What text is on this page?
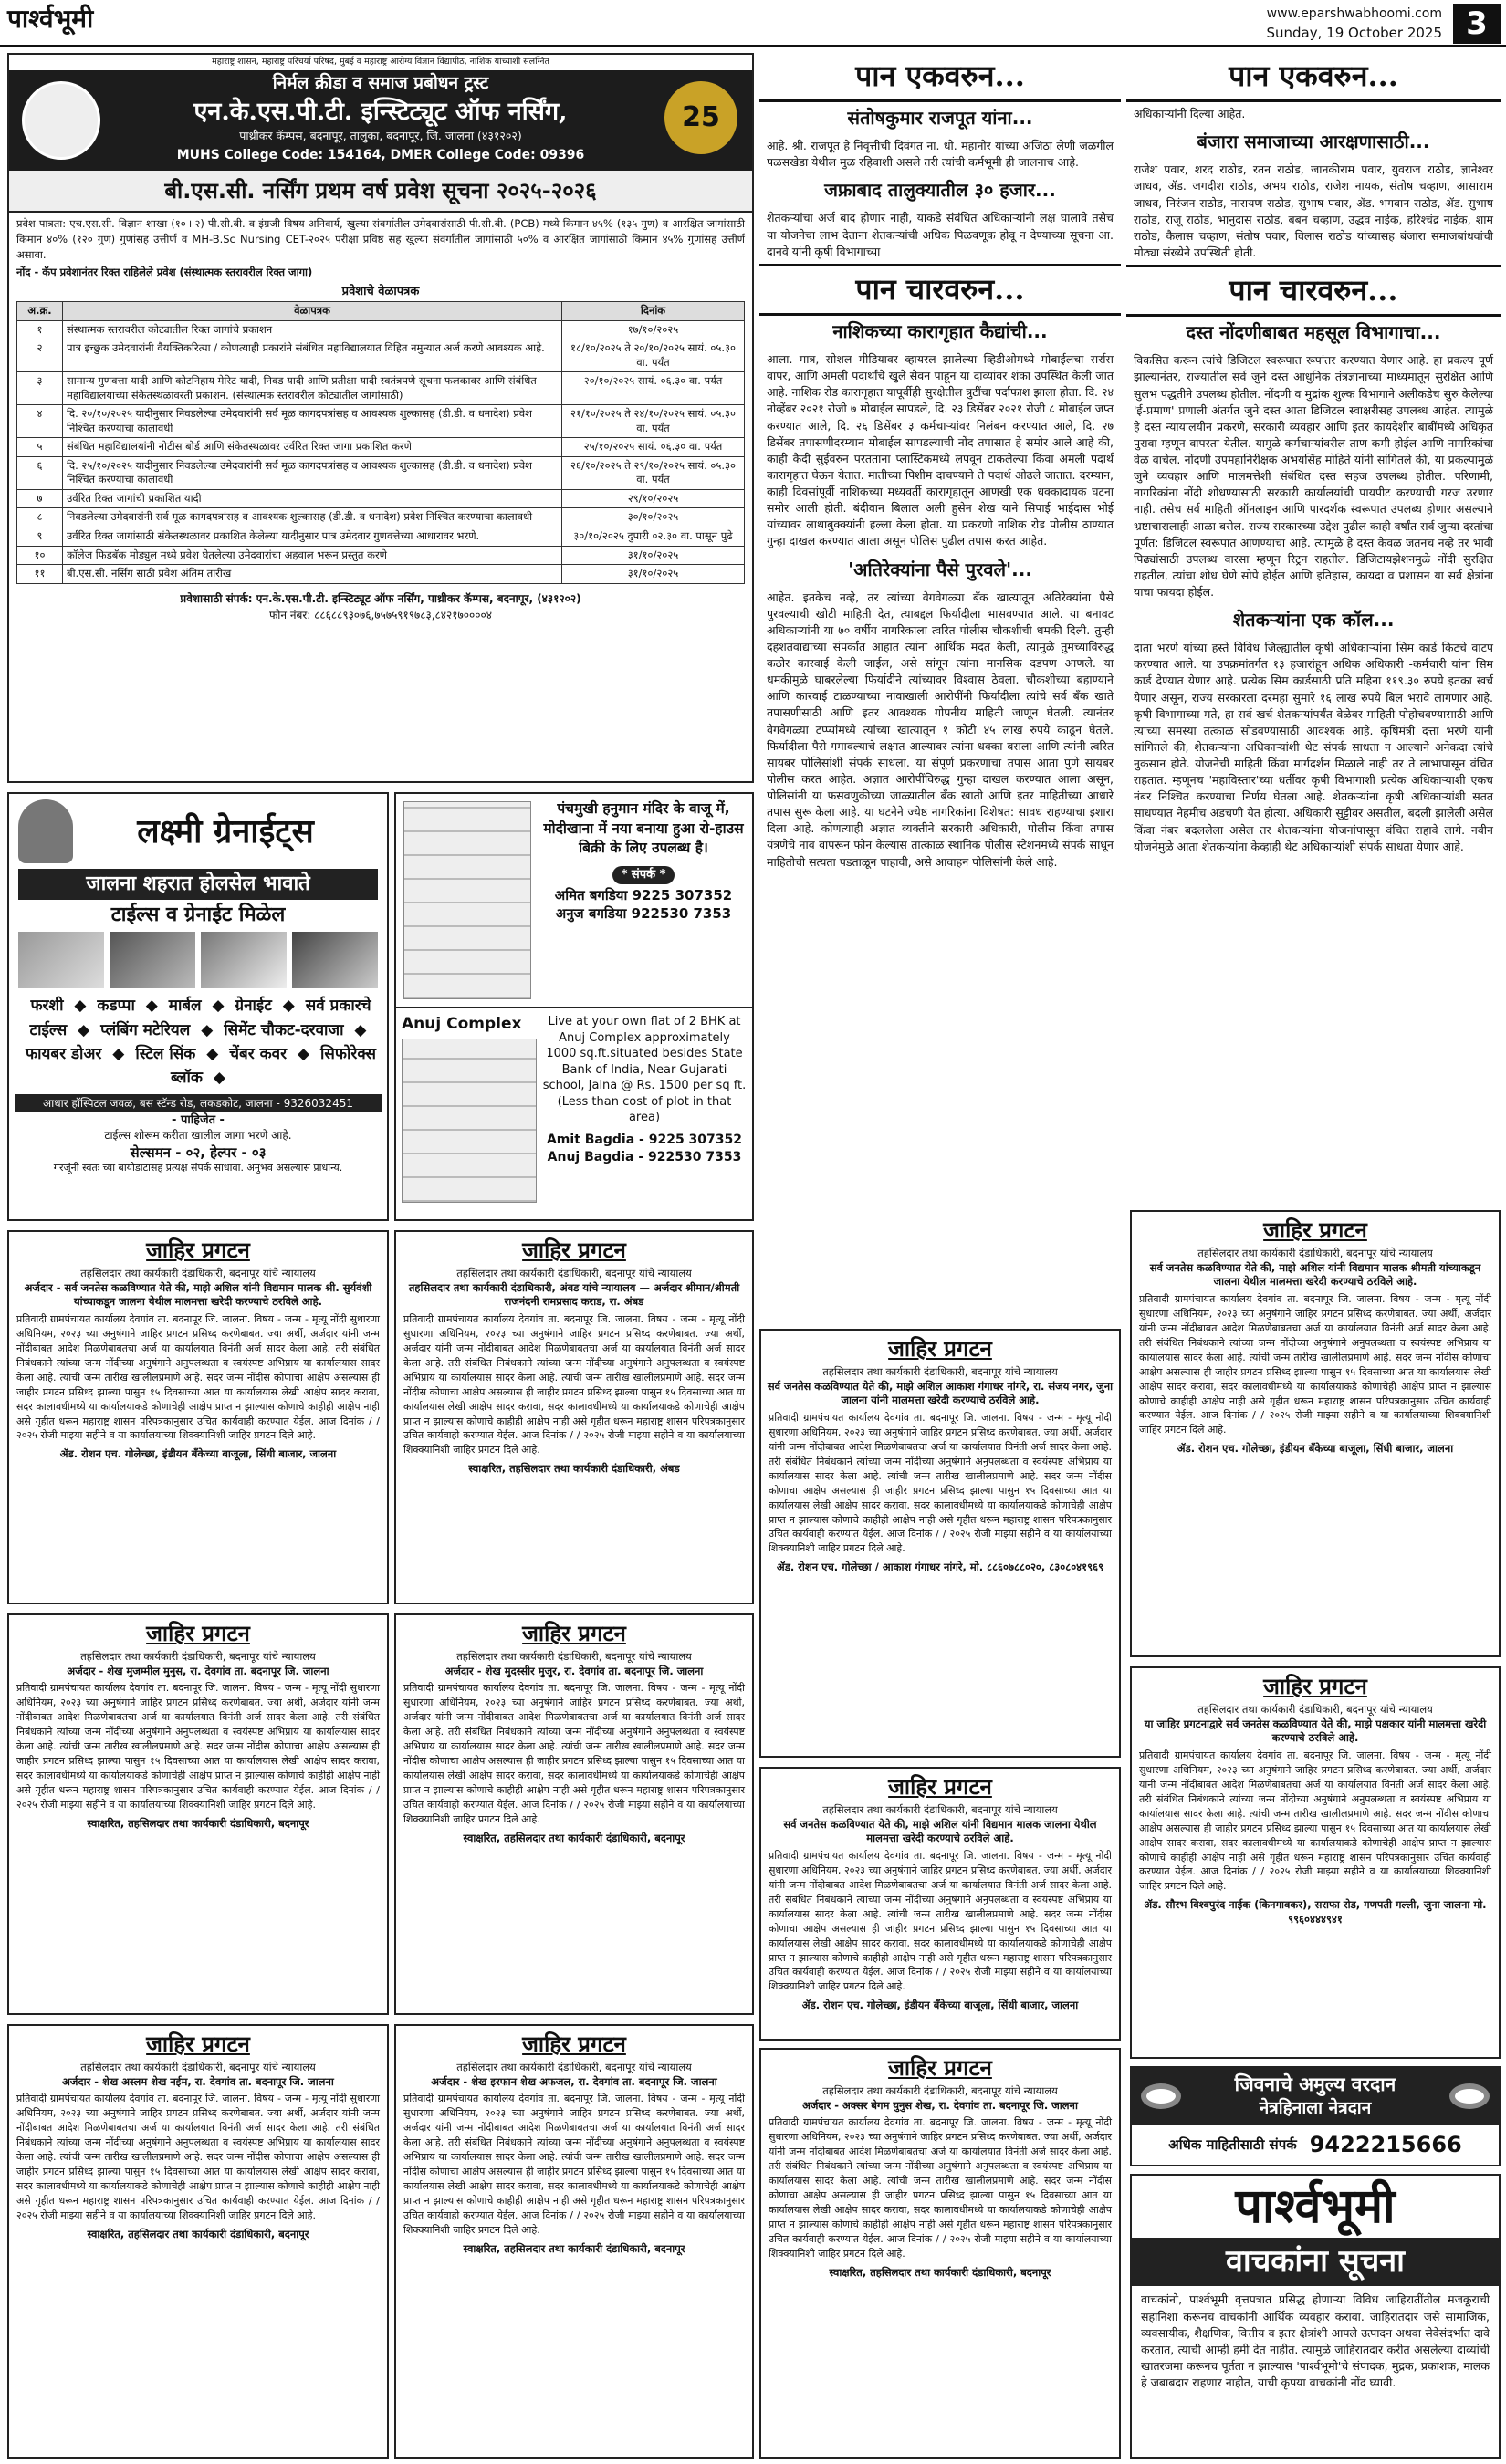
पार्श्वभूमी	www.eparshwabhoomi.com
Sunday, 19 October 2025 3
महाराष्ट्र शासन, महाराष्ट्र परिचर्या परिषद, मुंबई व महाराष्ट्र आरोग्य विज्ञान विद्यापीठ, नाशिक यांच्याशी संलग्नित
25
निर्मल क्रीडा व समाज प्रबोधन ट्रस्ट
एन.के.एस.पी.टी. इन्स्टिट्यूट ऑफ नर्सिंग,
पाथ्रीकर कॅम्पस, बदनापूर, तालुका, बदनापूर, जि. जालना (४३१२०२)
MUHS College Code: 154164, DMER College Code: 09396
बी.एस.सी. नर्सिंग प्रथम वर्ष प्रवेश सूचना २०२५-२०२६
प्रवेश पात्रता: एच.एस.सी. विज्ञान शाखा (१०+२) पी.सी.बी. व इंग्रजी विषय अनिवार्य, खुल्या संवर्गातील उमेदवारांसाठी पी.सी.बी. (PCB) मध्ये किमान ४५% (१३५ गुण) व आरक्षित जागांसाठी किमान ४०% (१२० गुण) गुणांसह उत्तीर्ण व MH-B.Sc Nursing CET-२०२५ परीक्षा प्रविष्ठ सह खुल्या संवर्गातील जागांसाठी ५०% व आरक्षित जागांसाठी किमान ४५% गुणांसह उत्तीर्ण असावा.
नोंद - कॅप प्रवेशानंतर रिक्त राहिलेले प्रवेश (संस्थात्मक स्तरावरील रिक्त जागा)
प्रवेशाचे वेळापत्रक
अ.क्र.	वेळापत्रक	दिनांक
१	संस्थात्मक स्तरावरील कोट्यातील रिक्त जागांचे प्रकाशन	१७/१०/२०२५
२	पात्र इच्छुक उमेदवारांनी वैयक्तिकरित्या / कोणत्याही प्रकारांने संबंधित महाविद्यालयात विहित नमुन्यात अर्ज करणे आवश्यक आहे.	१८/१०/२०२५ ते २०/१०/२०२५ सायं. ०५.३० वा. पर्यंत
३	सामान्य गुणवत्ता यादी आणि कोटनिहाय मेरिट यादी, निवड यादी आणि प्रतीक्षा यादी स्वतंत्रपणे सूचना फलकावर आणि संबंधित महाविद्यालयाच्या संकेतस्थळावरती प्रकाशन. (संस्थात्मक स्तरावरील कोट्यातील जागांसाठी)	२०/१०/२०२५ सायं. ०६.३० वा. पर्यंत
४	दि. २०/१०/२०२५ यादीनुसार निवडलेल्या उमेदवारांनी सर्व मूळ कागदपत्रांसह व आवश्यक शुल्कासह (डी.डी. व धनादेश) प्रवेश निश्चित करण्याचा कालावधी	२१/१०/२०२५ ते २४/१०/२०२५ सायं. ०५.३० वा. पर्यंत
५	संबंधित महाविद्यालयांनी नोटीस बोर्ड आणि संकेतस्थळावर उर्वरित रिक्त जागा प्रकाशित करणे	२५/१०/२०२५ सायं. ०६.३० वा. पर्यंत
६	दि. २५/१०/२०२५ यादीनुसार निवडलेल्या उमेदवारांनी सर्व मूळ कागदपत्रांसह व आवश्यक शुल्कासह (डी.डी. व धनादेश) प्रवेश निश्चित करण्याचा कालावधी	२६/१०/२०२५ ते २९/१०/२०२५ सायं. ०५.३० वा. पर्यंत
७	उर्वरित रिक्त जागांची प्रकाशित यादी	२९/१०/२०२५
८	निवडलेल्या उमेदवारांनी सर्व मूळ कागदपत्रांसह व आवश्यक शुल्कासह (डी.डी. व धनादेश) प्रवेश निश्चित करण्याचा कालावधी	३०/१०/२०२५
९	उर्वरित रिक्त जागांसाठी संकेतस्थळावर प्रकाशित केलेल्या यादीनुसार पात्र उमेदवार गुणवत्तेच्या आधारावर भरणे.	३०/१०/२०२५ दुपारी ०२.३० वा. पासून पुढे
१०	कॉलेज फिडबॅक मोड्युल मध्ये प्रवेश घेतलेल्या उमेदवारांचा अहवाल भरून प्रस्तुत करणे	३१/१०/२०२५
११	बी.एस.सी. नर्सिंग साठी प्रवेश अंतिम तारीख	३१/१०/२०२५
प्रवेशासाठी संपर्क: एन.के.एस.पी.टी. इन्स्टिट्यूट ऑफ नर्सिंग, पाथ्रीकर कॅम्पस, बदनापूर, (४३१२०२)
फोन नंबर: ८८६८८९३०७६,७५७५९१९७८३,८४२१७००००४
लक्ष्मी ग्रेनाईट्स
जालना शहरात होलसेल भावाते
टाईल्स व ग्रेनाईट मिळेल
फरशी ◆ कडप्पा ◆ मार्बल ◆ ग्रेनाईट ◆ सर्व प्रकारचे टाईल्स ◆ प्लंबिंग मटेरियल ◆ सिमेंट चौकट-दरवाजा ◆ फायबर डोअर ◆ स्टिल सिंक ◆ चेंबर कवर ◆ सिफोरेक्स ब्लॉक ◆
आधार हॉस्पिटल जवळ, बस स्टॅन्ड रोड, लकडकोट, जालना - 9326032451
- पाहिजेत -
टाईल्स शोरूम करीता खालील जागा भरणे आहे.
सेल्समन - ०२, हेल्पर - ०३
गरजूंनी स्वतः च्या बायोडाटासह प्रत्यक्ष संपर्क साधावा. अनुभव असल्यास प्राधान्य.
पंचमुखी हनुमान मंदिर के वाजू में, मोदीखाना में नया बनाया हुआ रो-हाउस बिक्री के लिए उपलब्ध है।
* संपर्क *
अमित बगडिया 9225 307352
अनुज बगडिया 922530 7353
Anuj Complex	Live at your own flat of 2 BHK at Anuj Complex approximately 1000 sq.ft.situated besides State Bank of India, Near Gujarati school, Jalna @ Rs. 1500 per sq ft. (Less than cost of plot in that area)
Amit Bagdia - 9225 307352
Anuj Bagdia - 922530 7353
पान एकवरुन...
संतोषकुमार राजपूत यांना...
आहे. श्री. राजपूत हे निवृत्तीची दिवंगत ना. धो. महानोर यांच्या अंजिठा लेणी जळगील पळसखेडा येथील मुळ रहिवाशी असले तरी त्यांची कर्मभूमी ही जालनाच आहे.
जफ्राबाद तालुक्यातील ३० हजार...
शेतकऱ्यांचा अर्ज बाद होणार नाही, याकडे संबंधित अधिकाऱ्यांनी लक्ष घालावे तसेच या योजनेचा लाभ देताना शेतकऱ्यांची अधिक पिळवणूक होवू न देण्याच्या सूचना आ. दानवे यांनी कृषी विभागाच्या
पान चारवरुन...
नाशिकच्या कारागृहात कैद्यांची...
आला. मात्र, सोशल मीडियावर व्हायरल झालेल्या व्हिडीओमध्ये मोबाईलचा सर्रास वापर, आणि अमली पदार्थांचे खुले सेवन पाहून या दाव्यांवर शंका उपस्थित केली जात आहे. नाशिक रोड कारागृहात यापूर्वीही सुरक्षेतील त्रुटींचा पर्दाफाश झाला होता. दि. २४ नोव्हेंबर २०२१ रोजी ७ मोबाईल सापडले, दि. २३ डिसेंबर २०२१ रोजी ८ मोबाईल जप्त करण्यात आले, दि. २६ डिसेंबर ३ कर्मचाऱ्यांवर निलंबन करण्यात आले, दि. २७ डिसेंबर तपासणीदरम्यान मोबाईल सापडल्याची नोंद तपासात हे समोर आले आहे की, काही कैदी सुईंवरुन परतताना प्लास्टिकमध्ये लपवून टाकलेल्या किंवा अमली पदार्थ कारागृहात घेऊन येतात. मातीच्या पिशीम दाचण्याने ते पदार्थ ओढले जातात. दरम्यान, काही दिवसांपूर्वी नाशिकच्या मध्यवर्ती कारागृहातून आणखी एक धक्कादायक घटना समोर आली होती. बंदीवान बिलाल अली हुसेन शेख याने सिपाई भाईदास भोई यांच्यावर लाथाबुक्क्यांनी हल्ला केला होता. या प्रकरणी नाशिक रोड पोलीस ठाण्यात गुन्हा दाखल करण्यात आला असून पोलिस पुढील तपास करत आहेत.
'अतिरेक्यांना पैसे पुरवले'...
आहेत. इतकेच नव्हे, तर त्यांच्या वेगवेगळ्या बँक खात्यातून अतिरेक्यांना पैसे पुरवल्याची खोटी माहिती देत, त्याबद्दल फिर्यादीला भासवण्यात आले. या बनावट अधिकाऱ्यांनी या ७० वर्षीय नागरिकाला त्वरित पोलीस चौकशीची धमकी दिली. तुम्ही दहशतवाद्यांच्या संपर्कात आहात त्यांना आर्थिक मदत केली, त्यामुळे तुमच्याविरुद्ध कठोर कारवाई केली जाईल, असे सांगून त्यांना मानसिक दडपण आणले. या धमकीमुळे घाबरलेल्या फिर्यादीने त्यांच्यावर विश्वास ठेवला. चौकशीच्या बहाण्याने आणि कारवाई टाळण्याच्या नावाखाली आरोपींनी फिर्यादीला त्यांचे सर्व बँक खाते तपासणीसाठी आणि इतर आवश्यक गोपनीय माहिती जाणून घेतली. त्यानंतर वेगवेगळ्या टप्प्यांमध्ये त्यांच्या खात्यातून १ कोटी ४५ लाख रुपये काढून घेतले. फिर्यादीला पैसे गमावल्याचे लक्षात आल्यावर त्यांना धक्का बसला आणि त्यांनी त्वरित सायबर पोलिसांशी संपर्क साधला. या संपूर्ण प्रकरणाचा तपास आता पुणे सायबर पोलीस करत आहेत. अज्ञात आरोपींविरुद्ध गुन्हा दाखल करण्यात आला असून, पोलिसांनी या फसवणुकीच्या जाळ्यातील बँक खाती आणि इतर माहितीच्या आधारे तपास सुरू केला आहे. या घटनेने ज्येष्ठ नागरिकांना विशेषत: सावध राहण्याचा इशारा दिला आहे. कोणत्याही अज्ञात व्यक्तीने सरकारी अधिकारी, पोलीस किंवा तपास यंत्रणेचे नाव वापरून फोन केल्यास तात्काळ स्थानिक पोलीस स्टेशनमध्ये संपर्क साधून माहितीची सत्यता पडताळून पाहावी, असे आवाहन पोलिसांनी केले आहे.
पान एकवरुन...
अधिकाऱ्यांनी दिल्या आहेत.
बंजारा समाजाच्या आरक्षणासाठी...
राजेश पवार, शरद राठोड, रतन राठोड, जानकीराम पवार, युवराज राठोड, ज्ञानेश्वर जाधव, ॲड. जगदीश राठोड, अभय राठोड, राजेश नायक, संतोष चव्हाण, आसाराम जाधव, निरंजन राठोड, नारायण राठोड, सुभाष पवार, ॲड. भगवान राठोड, ॲड. सुभाष राठोड, राजू राठोड, भानुदास राठोड, बबन चव्हाण, उद्धव नाईक, हरिश्चंद्र नाईक, शाम राठोड, कैलास चव्हाण, संतोष पवार, विलास राठोड यांच्यासह बंजारा समाजबांधवांची मोठ्या संख्येने उपस्थिती होती.
पान चारवरुन...
दस्त नोंदणीबाबत महसूल विभागाचा...
विकसित करून त्यांचे डिजिटल स्वरूपात रूपांतर करण्यात येणार आहे. हा प्रकल्प पूर्ण झाल्यानंतर, राज्यातील सर्व जुने दस्त आधुनिक तंत्रज्ञानाच्या माध्यमातून सुरक्षित आणि सुलभ पद्धतीने उपलब्ध होतील. नोंदणी व मुद्रांक शुल्क विभागाने अलीकडेच सुरु केलेल्या 'ई-प्रमाण' प्रणाली अंतर्गत जुने दस्त आता डिजिटल स्वाक्षरीसह उपलब्ध आहेत. त्यामुळे हे दस्त न्यायालयीन प्रकरणे, सरकारी व्यवहार आणि इतर कायदेशीर बाबींमध्ये अधिकृत पुरावा म्हणून वापरता येतील. यामुळे कर्मचाऱ्यांवरील ताण कमी होईल आणि नागरिकांचा वेळ वाचेल. नोंदणी उपमहानिरीक्षक अभयसिंह मोहिते यांनी सांगितले की, या प्रकल्पामुळे जुने व्यवहार आणि मालमत्तेशी संबंधित दस्त सहज उपलब्ध होतील. परिणामी, नागरिकांना नोंदी शोधण्यासाठी सरकारी कार्यालयांची पायपीट करण्याची गरज उरणार नाही. तसेच सर्व माहिती ऑनलाइन आणि पारदर्शक स्वरूपात उपलब्ध होणार असल्याने भ्रष्टाचारालाही आळा बसेल. राज्य सरकारच्या उद्देश पुढील काही वर्षांत सर्व जुन्या दस्तांचा पूर्णत: डिजिटल स्वरूपात आणण्याचा आहे. त्यामुळे हे दस्त केवळ जतनच नव्हे तर भावी पिढ्यांसाठी उपलब्ध वारसा म्हणून रिट्रन राहतील. डिजिटायझेशनमुळे नोंदी सुरक्षित राहतील, त्यांचा शोध घेणे सोपे होईल आणि इतिहास, कायदा व प्रशासन या सर्व क्षेत्रांना याचा फायदा होईल.
शेतकऱ्यांना एक कॉल...
दाता भरणे यांच्या हस्ते विविध जिल्ह्यातील कृषी अधिकाऱ्यांना सिम कार्ड किटचे वाटप करण्यात आले. या उपक्रमांतर्गत १३ हजारांहून अधिक अधिकारी -कर्मचारी यांना सिम कार्ड देण्यात येणार आहे. प्रत्येक सिम कार्डसाठी प्रति महिना ११९.३० रुपये इतका खर्च येणार असून, राज्य सरकारला दरमहा सुमारे १६ लाख रुपये बिल भरावे लागणार आहे. कृषी विभागाच्या मते, हा सर्व खर्च शेतकऱ्यांपर्यंत वेळेवर माहिती पोहोचवण्यासाठी आणि त्यांच्या समस्या तत्काळ सोडवण्यासाठी आवश्यक आहे. कृषिमंत्री दत्ता भरणे यांनी सांगितले की, शेतकऱ्यांना अधिकाऱ्यांशी थेट संपर्क साधता न आल्याने अनेकदा त्यांचे नुकसान होते. योजनेची माहिती किंवा मार्गदर्शन मिळाले नाही तर ते लाभापासून वंचित राहतात. म्हणूनच 'महाविस्तार'च्या धर्तीवर कृषी विभागाशी प्रत्येक अधिकाऱ्याशी एकच नंबर निश्चित करण्याचा निर्णय घेतला आहे. शेतकऱ्यांना कृषी अधिकाऱ्यांशी सतत साधण्यात नेहमीच अडचणी येत होत्या. अधिकारी सुट्टीवर असतील, बदली झालेली असेल किंवा नंबर बदललेला असेल तर शेतकऱ्यांना योजनांपासून वंचित राहावे लागे. नवीन योजनेमुळे आता शेतकऱ्यांना केव्हाही थेट अधिकाऱ्यांशी संपर्क साधता येणार आहे.
जाहिर प्रगटन
तहसिलदार तथा कार्यकारी दंडाधिकारी, बदनापूर यांचे न्यायालय
अर्जदार - सर्व जनतेस कळविण्यात येते की, माझे अशिल यांनी विद्यमान मालक श्री. सुर्यवंशी यांच्याकडून जालना येथील मालमत्ता खरेदी करण्याचे ठरविले आहे.
प्रतिवादी ग्रामपंचायत कार्यालय देवगांव ता. बदनापूर जि. जालना. विषय - जन्म - मृत्यू नोंदी सुधारणा अधिनियम, २०२३ च्या अनुषंगाने जाहिर प्रगटन प्रसिध्द करणेबाबत. ज्या अर्थी, अर्जदार यांनी जन्म नोंदीबाबत आदेश मिळणेबाबतचा अर्ज या कार्यालयात विनंती अर्ज सादर केला आहे. तरी संबंधित निबंधकाने त्यांच्या जन्म नोंदीच्या अनुषंगाने अनुपलब्धता व स्वयंस्पष्ट अभिप्राय या कार्यालयास सादर केला आहे. त्यांची जन्म तारीख खालीलप्रमाणे आहे. सदर जन्म नोंदीस कोणाचा आक्षेप असल्यास ही जाहीर प्रगटन प्रसिध्द झाल्या पासुन १५ दिवसाच्या आत या कार्यालयास लेखी आक्षेप सादर करावा, सदर कालावधीमध्ये या कार्यालयाकडे कोणाचेही आक्षेप प्राप्त न झाल्यास कोणाचे काहीही आक्षेप नाही असे गृहीत धरून महाराष्ट्र शासन परिपत्रकानुसार उचित कार्यवाही करण्यात येईल. आज दिनांक / / २०२५ रोजी माझ्या सहीने व या कार्यालयाच्या शिक्क्यानिशी जाहिर प्रगटन दिले आहे.
ॲड. रोशन एच. गोलेच्छा, इंडीयन बँकेच्या बाजूला, सिंधी बाजार, जालना
जाहिर प्रगटन
तहसिलदार तथा कार्यकारी दंडाधिकारी, बदनापूर यांचे न्यायालय
तहसिलदार तथा कार्यकारी दंडाधिकारी, अंबड यांचे न्यायालय — अर्जदार श्रीमान/श्रीमती राजनंदनी रामप्रसाद कराड, रा. अंबड
प्रतिवादी ग्रामपंचायत कार्यालय देवगांव ता. बदनापूर जि. जालना. विषय - जन्म - मृत्यू नोंदी सुधारणा अधिनियम, २०२३ च्या अनुषंगाने जाहिर प्रगटन प्रसिध्द करणेबाबत. ज्या अर्थी, अर्जदार यांनी जन्म नोंदीबाबत आदेश मिळणेबाबतचा अर्ज या कार्यालयात विनंती अर्ज सादर केला आहे. तरी संबंधित निबंधकाने त्यांच्या जन्म नोंदीच्या अनुषंगाने अनुपलब्धता व स्वयंस्पष्ट अभिप्राय या कार्यालयास सादर केला आहे. त्यांची जन्म तारीख खालीलप्रमाणे आहे. सदर जन्म नोंदीस कोणाचा आक्षेप असल्यास ही जाहीर प्रगटन प्रसिध्द झाल्या पासुन १५ दिवसाच्या आत या कार्यालयास लेखी आक्षेप सादर करावा, सदर कालावधीमध्ये या कार्यालयाकडे कोणाचेही आक्षेप प्राप्त न झाल्यास कोणाचे काहीही आक्षेप नाही असे गृहीत धरून महाराष्ट्र शासन परिपत्रकानुसार उचित कार्यवाही करण्यात येईल. आज दिनांक / / २०२५ रोजी माझ्या सहीने व या कार्यालयाच्या शिक्क्यानिशी जाहिर प्रगटन दिले आहे.
स्वाक्षरित, तहसिलदार तथा कार्यकारी दंडाधिकारी, अंबड
जाहिर प्रगटन
तहसिलदार तथा कार्यकारी दंडाधिकारी, बदनापूर यांचे न्यायालय
सर्व जनतेस कळविण्यात येते की, माझे अशिल आकाश गंगाधर नांगरे, रा. संजय नगर, जुना जालना यांनी मालमत्ता खरेदी करण्याचे ठरविले आहे.
प्रतिवादी ग्रामपंचायत कार्यालय देवगांव ता. बदनापूर जि. जालना. विषय - जन्म - मृत्यू नोंदी सुधारणा अधिनियम, २०२३ च्या अनुषंगाने जाहिर प्रगटन प्रसिध्द करणेबाबत. ज्या अर्थी, अर्जदार यांनी जन्म नोंदीबाबत आदेश मिळणेबाबतचा अर्ज या कार्यालयात विनंती अर्ज सादर केला आहे. तरी संबंधित निबंधकाने त्यांच्या जन्म नोंदीच्या अनुषंगाने अनुपलब्धता व स्वयंस्पष्ट अभिप्राय या कार्यालयास सादर केला आहे. त्यांची जन्म तारीख खालीलप्रमाणे आहे. सदर जन्म नोंदीस कोणाचा आक्षेप असल्यास ही जाहीर प्रगटन प्रसिध्द झाल्या पासुन १५ दिवसाच्या आत या कार्यालयास लेखी आक्षेप सादर करावा, सदर कालावधीमध्ये या कार्यालयाकडे कोणाचेही आक्षेप प्राप्त न झाल्यास कोणाचे काहीही आक्षेप नाही असे गृहीत धरून महाराष्ट्र शासन परिपत्रकानुसार उचित कार्यवाही करण्यात येईल. आज दिनांक / / २०२५ रोजी माझ्या सहीने व या कार्यालयाच्या शिक्क्यानिशी जाहिर प्रगटन दिले आहे.
ॲड. रोशन एच. गोलेच्छा / आकाश गंगाधर नांगरे, मो. ८८६०७८८०२०, ८३०८०४१९६९
जाहिर प्रगटन
तहसिलदार तथा कार्यकारी दंडाधिकारी, बदनापूर यांचे न्यायालय
सर्व जनतेस कळविण्यात येते की, माझे अशिल यांनी विद्यमान मालक श्रीमती यांच्याकडून जालना येथील मालमत्ता खरेदी करण्याचे ठरविले आहे.
प्रतिवादी ग्रामपंचायत कार्यालय देवगांव ता. बदनापूर जि. जालना. विषय - जन्म - मृत्यू नोंदी सुधारणा अधिनियम, २०२३ च्या अनुषंगाने जाहिर प्रगटन प्रसिध्द करणेबाबत. ज्या अर्थी, अर्जदार यांनी जन्म नोंदीबाबत आदेश मिळणेबाबतचा अर्ज या कार्यालयात विनंती अर्ज सादर केला आहे. तरी संबंधित निबंधकाने त्यांच्या जन्म नोंदीच्या अनुषंगाने अनुपलब्धता व स्वयंस्पष्ट अभिप्राय या कार्यालयास सादर केला आहे. त्यांची जन्म तारीख खालीलप्रमाणे आहे. सदर जन्म नोंदीस कोणाचा आक्षेप असल्यास ही जाहीर प्रगटन प्रसिध्द झाल्या पासुन १५ दिवसाच्या आत या कार्यालयास लेखी आक्षेप सादर करावा, सदर कालावधीमध्ये या कार्यालयाकडे कोणाचेही आक्षेप प्राप्त न झाल्यास कोणाचे काहीही आक्षेप नाही असे गृहीत धरून महाराष्ट्र शासन परिपत्रकानुसार उचित कार्यवाही करण्यात येईल. आज दिनांक / / २०२५ रोजी माझ्या सहीने व या कार्यालयाच्या शिक्क्यानिशी जाहिर प्रगटन दिले आहे.
ॲड. रोशन एच. गोलेच्छा, इंडीयन बँकेच्या बाजूला, सिंधी बाजार, जालना
जाहिर प्रगटन
तहसिलदार तथा कार्यकारी दंडाधिकारी, बदनापूर यांचे न्यायालय
अर्जदार - शेख मुजम्मील मुनुस, रा. देवगांव ता. बदनापूर जि. जालना
प्रतिवादी ग्रामपंचायत कार्यालय देवगांव ता. बदनापूर जि. जालना. विषय - जन्म - मृत्यू नोंदी सुधारणा अधिनियम, २०२३ च्या अनुषंगाने जाहिर प्रगटन प्रसिध्द करणेबाबत. ज्या अर्थी, अर्जदार यांनी जन्म नोंदीबाबत आदेश मिळणेबाबतचा अर्ज या कार्यालयात विनंती अर्ज सादर केला आहे. तरी संबंधित निबंधकाने त्यांच्या जन्म नोंदीच्या अनुषंगाने अनुपलब्धता व स्वयंस्पष्ट अभिप्राय या कार्यालयास सादर केला आहे. त्यांची जन्म तारीख खालीलप्रमाणे आहे. सदर जन्म नोंदीस कोणाचा आक्षेप असल्यास ही जाहीर प्रगटन प्रसिध्द झाल्या पासुन १५ दिवसाच्या आत या कार्यालयास लेखी आक्षेप सादर करावा, सदर कालावधीमध्ये या कार्यालयाकडे कोणाचेही आक्षेप प्राप्त न झाल्यास कोणाचे काहीही आक्षेप नाही असे गृहीत धरून महाराष्ट्र शासन परिपत्रकानुसार उचित कार्यवाही करण्यात येईल. आज दिनांक / / २०२५ रोजी माझ्या सहीने व या कार्यालयाच्या शिक्क्यानिशी जाहिर प्रगटन दिले आहे.
स्वाक्षरित, तहसिलदार तथा कार्यकारी दंडाधिकारी, बदनापूर
जाहिर प्रगटन
तहसिलदार तथा कार्यकारी दंडाधिकारी, बदनापूर यांचे न्यायालय
अर्जदार - शेख मुदस्सीर मुजुर, रा. देवगांव ता. बदनापूर जि. जालना
प्रतिवादी ग्रामपंचायत कार्यालय देवगांव ता. बदनापूर जि. जालना. विषय - जन्म - मृत्यू नोंदी सुधारणा अधिनियम, २०२३ च्या अनुषंगाने जाहिर प्रगटन प्रसिध्द करणेबाबत. ज्या अर्थी, अर्जदार यांनी जन्म नोंदीबाबत आदेश मिळणेबाबतचा अर्ज या कार्यालयात विनंती अर्ज सादर केला आहे. तरी संबंधित निबंधकाने त्यांच्या जन्म नोंदीच्या अनुषंगाने अनुपलब्धता व स्वयंस्पष्ट अभिप्राय या कार्यालयास सादर केला आहे. त्यांची जन्म तारीख खालीलप्रमाणे आहे. सदर जन्म नोंदीस कोणाचा आक्षेप असल्यास ही जाहीर प्रगटन प्रसिध्द झाल्या पासुन १५ दिवसाच्या आत या कार्यालयास लेखी आक्षेप सादर करावा, सदर कालावधीमध्ये या कार्यालयाकडे कोणाचेही आक्षेप प्राप्त न झाल्यास कोणाचे काहीही आक्षेप नाही असे गृहीत धरून महाराष्ट्र शासन परिपत्रकानुसार उचित कार्यवाही करण्यात येईल. आज दिनांक / / २०२५ रोजी माझ्या सहीने व या कार्यालयाच्या शिक्क्यानिशी जाहिर प्रगटन दिले आहे.
स्वाक्षरित, तहसिलदार तथा कार्यकारी दंडाधिकारी, बदनापूर
जाहिर प्रगटन
तहसिलदार तथा कार्यकारी दंडाधिकारी, बदनापूर यांचे न्यायालय
सर्व जनतेस कळविण्यात येते की, माझे अशिल यांनी विद्यमान मालक जालना येथील मालमत्ता खरेदी करण्याचे ठरविले आहे.
प्रतिवादी ग्रामपंचायत कार्यालय देवगांव ता. बदनापूर जि. जालना. विषय - जन्म - मृत्यू नोंदी सुधारणा अधिनियम, २०२३ च्या अनुषंगाने जाहिर प्रगटन प्रसिध्द करणेबाबत. ज्या अर्थी, अर्जदार यांनी जन्म नोंदीबाबत आदेश मिळणेबाबतचा अर्ज या कार्यालयात विनंती अर्ज सादर केला आहे. तरी संबंधित निबंधकाने त्यांच्या जन्म नोंदीच्या अनुषंगाने अनुपलब्धता व स्वयंस्पष्ट अभिप्राय या कार्यालयास सादर केला आहे. त्यांची जन्म तारीख खालीलप्रमाणे आहे. सदर जन्म नोंदीस कोणाचा आक्षेप असल्यास ही जाहीर प्रगटन प्रसिध्द झाल्या पासुन १५ दिवसाच्या आत या कार्यालयास लेखी आक्षेप सादर करावा, सदर कालावधीमध्ये या कार्यालयाकडे कोणाचेही आक्षेप प्राप्त न झाल्यास कोणाचे काहीही आक्षेप नाही असे गृहीत धरून महाराष्ट्र शासन परिपत्रकानुसार उचित कार्यवाही करण्यात येईल. आज दिनांक / / २०२५ रोजी माझ्या सहीने व या कार्यालयाच्या शिक्क्यानिशी जाहिर प्रगटन दिले आहे.
ॲड. रोशन एच. गोलेच्छा, इंडीयन बँकेच्या बाजूला, सिंधी बाजार, जालना
जाहिर प्रगटन
तहसिलदार तथा कार्यकारी दंडाधिकारी, बदनापूर यांचे न्यायालय
या जाहिर प्रगटनाद्वारे सर्व जनतेस कळविण्यात येते की, माझे पक्षकार यांनी मालमत्ता खरेदी करण्याचे ठरविले आहे.
प्रतिवादी ग्रामपंचायत कार्यालय देवगांव ता. बदनापूर जि. जालना. विषय - जन्म - मृत्यू नोंदी सुधारणा अधिनियम, २०२३ च्या अनुषंगाने जाहिर प्रगटन प्रसिध्द करणेबाबत. ज्या अर्थी, अर्जदार यांनी जन्म नोंदीबाबत आदेश मिळणेबाबतचा अर्ज या कार्यालयात विनंती अर्ज सादर केला आहे. तरी संबंधित निबंधकाने त्यांच्या जन्म नोंदीच्या अनुषंगाने अनुपलब्धता व स्वयंस्पष्ट अभिप्राय या कार्यालयास सादर केला आहे. त्यांची जन्म तारीख खालीलप्रमाणे आहे. सदर जन्म नोंदीस कोणाचा आक्षेप असल्यास ही जाहीर प्रगटन प्रसिध्द झाल्या पासुन १५ दिवसाच्या आत या कार्यालयास लेखी आक्षेप सादर करावा, सदर कालावधीमध्ये या कार्यालयाकडे कोणाचेही आक्षेप प्राप्त न झाल्यास कोणाचे काहीही आक्षेप नाही असे गृहीत धरून महाराष्ट्र शासन परिपत्रकानुसार उचित कार्यवाही करण्यात येईल. आज दिनांक / / २०२५ रोजी माझ्या सहीने व या कार्यालयाच्या शिक्क्यानिशी जाहिर प्रगटन दिले आहे.
ॲड. सौरभ विश्वपुरंद नाईक (किनगावकर), सराफा रोड, गणपती गल्ली, जुना जालना मो. ९९६०४४४९४१
जाहिर प्रगटन
तहसिलदार तथा कार्यकारी दंडाधिकारी, बदनापूर यांचे न्यायालय
अर्जदार - शेख अस्लम शेख नईम, रा. देवगांव ता. बदनापूर जि. जालना
प्रतिवादी ग्रामपंचायत कार्यालय देवगांव ता. बदनापूर जि. जालना. विषय - जन्म - मृत्यू नोंदी सुधारणा अधिनियम, २०२३ च्या अनुषंगाने जाहिर प्रगटन प्रसिध्द करणेबाबत. ज्या अर्थी, अर्जदार यांनी जन्म नोंदीबाबत आदेश मिळणेबाबतचा अर्ज या कार्यालयात विनंती अर्ज सादर केला आहे. तरी संबंधित निबंधकाने त्यांच्या जन्म नोंदीच्या अनुषंगाने अनुपलब्धता व स्वयंस्पष्ट अभिप्राय या कार्यालयास सादर केला आहे. त्यांची जन्म तारीख खालीलप्रमाणे आहे. सदर जन्म नोंदीस कोणाचा आक्षेप असल्यास ही जाहीर प्रगटन प्रसिध्द झाल्या पासुन १५ दिवसाच्या आत या कार्यालयास लेखी आक्षेप सादर करावा, सदर कालावधीमध्ये या कार्यालयाकडे कोणाचेही आक्षेप प्राप्त न झाल्यास कोणाचे काहीही आक्षेप नाही असे गृहीत धरून महाराष्ट्र शासन परिपत्रकानुसार उचित कार्यवाही करण्यात येईल. आज दिनांक / / २०२५ रोजी माझ्या सहीने व या कार्यालयाच्या शिक्क्यानिशी जाहिर प्रगटन दिले आहे.
स्वाक्षरित, तहसिलदार तथा कार्यकारी दंडाधिकारी, बदनापूर
जाहिर प्रगटन
तहसिलदार तथा कार्यकारी दंडाधिकारी, बदनापूर यांचे न्यायालय
अर्जदार - शेख इरफान शेख अफजल, रा. देवगांव ता. बदनापूर जि. जालना
प्रतिवादी ग्रामपंचायत कार्यालय देवगांव ता. बदनापूर जि. जालना. विषय - जन्म - मृत्यू नोंदी सुधारणा अधिनियम, २०२३ च्या अनुषंगाने जाहिर प्रगटन प्रसिध्द करणेबाबत. ज्या अर्थी, अर्जदार यांनी जन्म नोंदीबाबत आदेश मिळणेबाबतचा अर्ज या कार्यालयात विनंती अर्ज सादर केला आहे. तरी संबंधित निबंधकाने त्यांच्या जन्म नोंदीच्या अनुषंगाने अनुपलब्धता व स्वयंस्पष्ट अभिप्राय या कार्यालयास सादर केला आहे. त्यांची जन्म तारीख खालीलप्रमाणे आहे. सदर जन्म नोंदीस कोणाचा आक्षेप असल्यास ही जाहीर प्रगटन प्रसिध्द झाल्या पासुन १५ दिवसाच्या आत या कार्यालयास लेखी आक्षेप सादर करावा, सदर कालावधीमध्ये या कार्यालयाकडे कोणाचेही आक्षेप प्राप्त न झाल्यास कोणाचे काहीही आक्षेप नाही असे गृहीत धरून महाराष्ट्र शासन परिपत्रकानुसार उचित कार्यवाही करण्यात येईल. आज दिनांक / / २०२५ रोजी माझ्या सहीने व या कार्यालयाच्या शिक्क्यानिशी जाहिर प्रगटन दिले आहे.
स्वाक्षरित, तहसिलदार तथा कार्यकारी दंडाधिकारी, बदनापूर
जाहिर प्रगटन
तहसिलदार तथा कार्यकारी दंडाधिकारी, बदनापूर यांचे न्यायालय
अर्जदार - अक्सर बेगम युनुस शेख, रा. देवगांव ता. बदनापूर जि. जालना
प्रतिवादी ग्रामपंचायत कार्यालय देवगांव ता. बदनापूर जि. जालना. विषय - जन्म - मृत्यू नोंदी सुधारणा अधिनियम, २०२३ च्या अनुषंगाने जाहिर प्रगटन प्रसिध्द करणेबाबत. ज्या अर्थी, अर्जदार यांनी जन्म नोंदीबाबत आदेश मिळणेबाबतचा अर्ज या कार्यालयात विनंती अर्ज सादर केला आहे. तरी संबंधित निबंधकाने त्यांच्या जन्म नोंदीच्या अनुषंगाने अनुपलब्धता व स्वयंस्पष्ट अभिप्राय या कार्यालयास सादर केला आहे. त्यांची जन्म तारीख खालीलप्रमाणे आहे. सदर जन्म नोंदीस कोणाचा आक्षेप असल्यास ही जाहीर प्रगटन प्रसिध्द झाल्या पासुन १५ दिवसाच्या आत या कार्यालयास लेखी आक्षेप सादर करावा, सदर कालावधीमध्ये या कार्यालयाकडे कोणाचेही आक्षेप प्राप्त न झाल्यास कोणाचे काहीही आक्षेप नाही असे गृहीत धरून महाराष्ट्र शासन परिपत्रकानुसार उचित कार्यवाही करण्यात येईल. आज दिनांक / / २०२५ रोजी माझ्या सहीने व या कार्यालयाच्या शिक्क्यानिशी जाहिर प्रगटन दिले आहे.
स्वाक्षरित, तहसिलदार तथा कार्यकारी दंडाधिकारी, बदनापूर
जिवनाचे अमुल्य वरदान
नेत्रहिनाला नेत्रदान
अधिक माहितीसाठी संपर्क 9422215666
पार्श्वभूमी
वाचकांना सूचना
वाचकांनो, पार्श्वभूमी वृत्तपत्रात प्रसिद्ध होणाऱ्या विविध जाहिरातींतील मजकूराची सहानिशा करूनच वाचकांनी आर्थिक व्यवहार करावा. जाहिरातदार जसे सामाजिक, व्यवसायीक, शैक्षणिक, वित्तीय व इतर क्षेत्रांशी आपले उत्पादन अथवा सेवेसंदर्भात दावे करतात, त्याची आम्ही हमी देत नाहीत. त्यामुळे जाहिरातदार करीत असलेल्या दाव्यांची खातरजमा करूनच पूर्तता न झाल्यास 'पार्श्वभूमी'चे संपादक, मुद्रक, प्रकाशक, मालक हे जबाबदार राहणार नाहीत, याची कृपया वाचकांनी नोंद घ्यावी.
